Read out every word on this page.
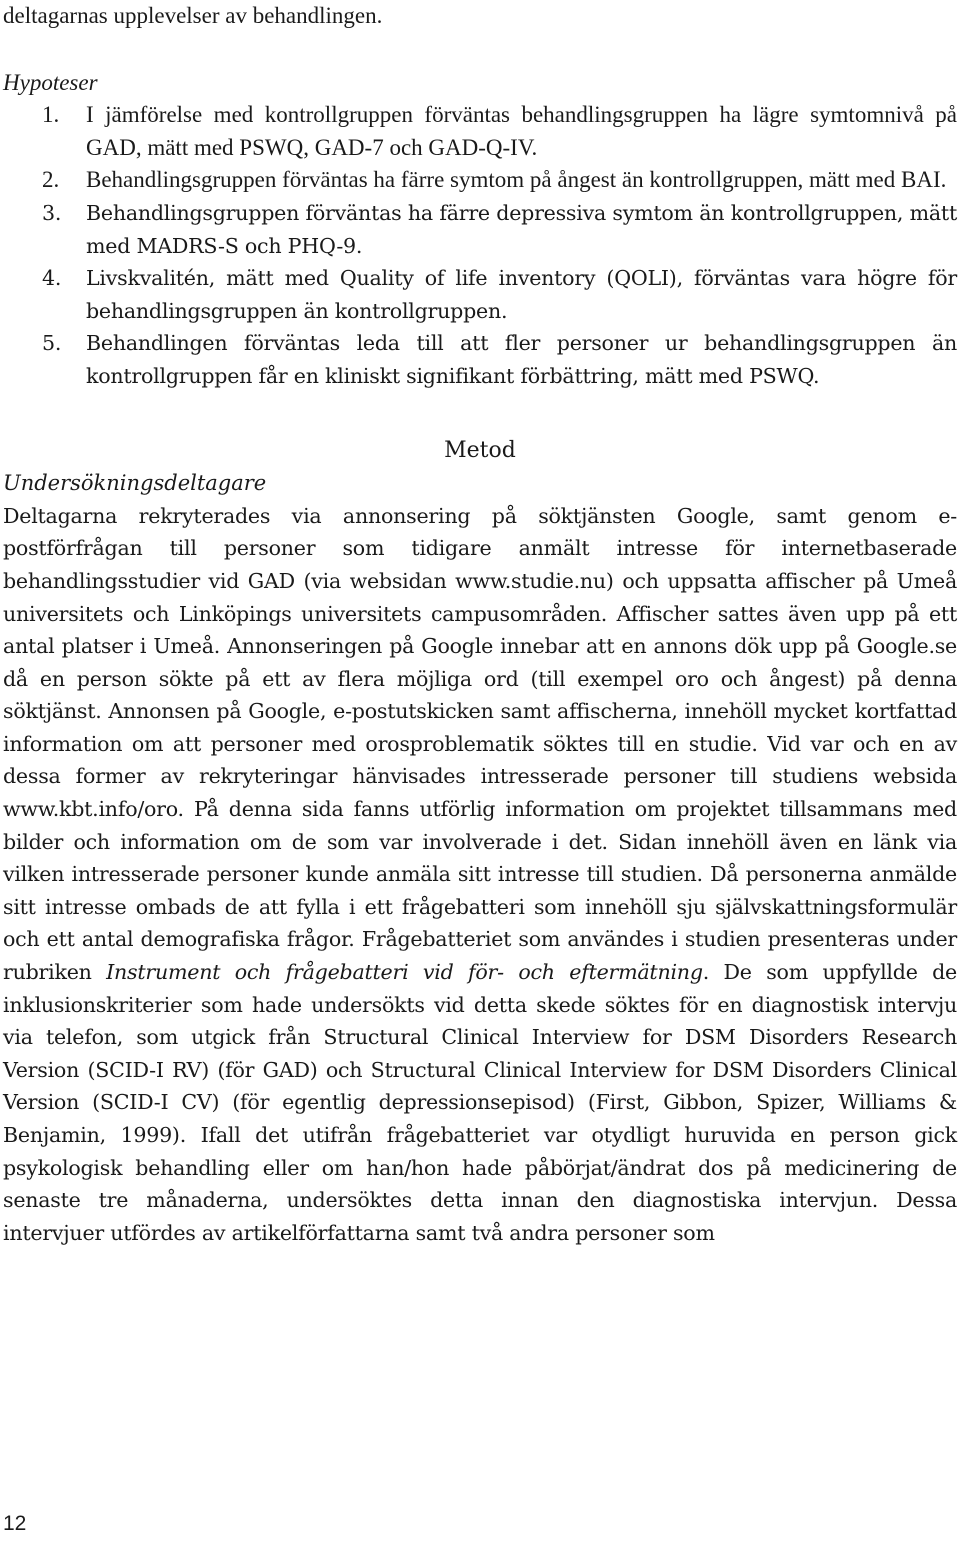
deltagarnas upplevelser av behandlingen.

Hypoteser

1. I jämförelse med kontrollgruppen förväntas behandlingsgruppen ha lägre symtomnivå på GAD, mätt med PSWQ, GAD-7 och GAD-Q-IV.
2. Behandlingsgruppen förväntas ha färre symtom på ångest än kontrollgruppen, mätt med BAI.
3. Behandlingsgruppen förväntas ha färre depressiva symtom än kontrollgruppen, mätt med MADRS-S och PHQ-9.
4. Livskvalitén, mätt med Quality of life inventory (QOLI), förväntas vara högre för behandlingsgruppen än kontrollgruppen.
5. Behandlingen förväntas leda till att fler personer ur behandlingsgruppen än kontrollgruppen får en kliniskt signifikant förbättring, mätt med PSWQ.

Metod

Undersökningsdeltagare

Deltagarna rekryterades via annonsering på söktjänsten Google, samt genom e-postförfrågan till personer som tidigare anmält intresse för internetbaserade behandlingsstudier vid GAD (via websidan www.studie.nu) och uppsatta affischer på Umeå universitets och Linköpings universitets campusområden. Affischer sattes även upp på ett antal platser i Umeå. Annonseringen på Google innebar att en annons dök upp på Google.se då en person sökte på ett av flera möjliga ord (till exempel oro och ångest) på denna söktjänst. Annonsen på Google, e-postutskicken samt affischerna, innehöll mycket kortfattad information om att personer med orosproblematik söktes till en studie. Vid var och en av dessa former av rekryteringar hänvisades intresserade personer till studiens websida www.kbt.info/oro. På denna sida fanns utförlig information om projektet tillsammans med bilder och information om de som var involverade i det. Sidan innehöll även en länk via vilken intresserade personer kunde anmäla sitt intresse till studien. Då personerna anmälde sitt intresse ombads de att fylla i ett frågebatteri som innehöll sju självskattningsformulär och ett antal demografiska frågor. Frågebatteriet som användes i studien presenteras under rubriken Instrument och frågebatteri vid för- och eftermätning. De som uppfyllde de inklusionskriterier som hade undersökts vid detta skede söktes för en diagnostisk intervju via telefon, som utgick från Structural Clinical Interview for DSM Disorders Research Version (SCID-I RV) (för GAD) och Structural Clinical Interview for DSM Disorders Clinical Version (SCID-I CV) (för egentlig depressionsepisod) (First, Gibbon, Spizer, Williams & Benjamin, 1999). Ifall det utifrån frågebatteriet var otydligt huruvida en person gick psykologisk behandling eller om han/hon hade påbörjat/ändrat dos på medicinering de senaste tre månaderna, undersöktes detta innan den diagnostiska intervjun. Dessa intervjuer utfördes av artikelförfattarna samt två andra personer som

12
